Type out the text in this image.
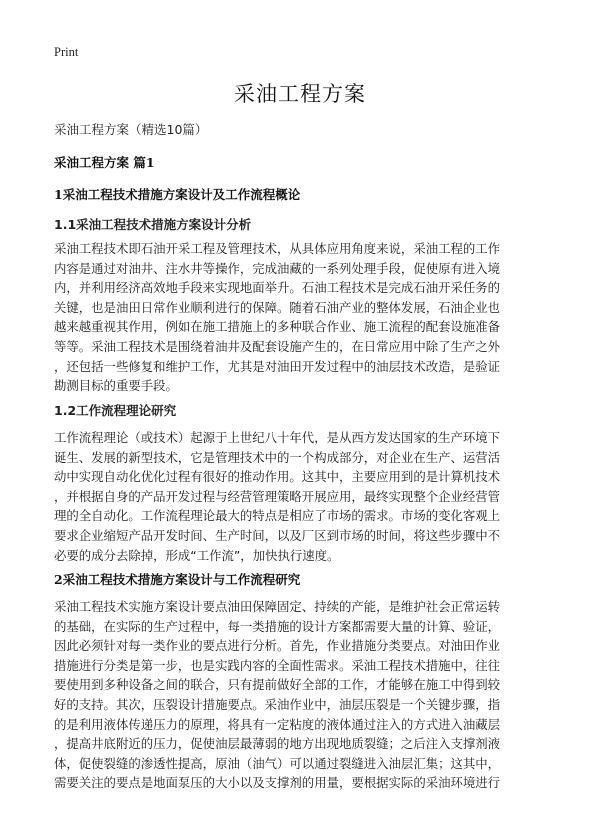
Print
采油工程方案
采油工程方案（精选10篇）
采油工程方案 篇1
1采油工程技术措施方案设计及工作流程概论
1.1采油工程技术措施方案设计分析
采油工程技术即石油开采工程及管理技术，从具体应用角度来说，采油工程的工作
内容是通过对油井、注水井等操作，完成油藏的一系列处理手段，促使原有进入境
内，并利用经济高效地手段来实现地面举升。石油工程技术是完成石油开采任务的
关键，也是油田日常作业顺利进行的保障。随着石油产业的整体发展，石油企业也
越来越重视其作用，例如在施工措施上的多种联合作业、施工流程的配套设施准备
等等。采油工程技术是围绕着油井及配套设施产生的，在日常应用中除了生产之外
，还包括一些修复和维护工作，尤其是对油田开发过程中的油层技术改造，是验证
勘测目标的重要手段。
1.2工作流程理论研究
工作流程理论（或技术）起源于上世纪八十年代，是从西方发达国家的生产环境下
诞生、发展的新型技术，它是管理技术中的一个构成部分，对企业在生产、运营活
动中实现自动化优化过程有很好的推动作用。这其中，主要应用到的是计算机技术
，并根据自身的产品开发过程与经营管理策略开展应用，最终实现整个企业经营管
理的全自动化。工作流程理论最大的特点是相应了市场的需求。市场的变化客观上
要求企业缩短产品开发时间、生产时间，以及厂区到市场的时间，将这些步骤中不
必要的成分去除掉，形成“工作流”，加快执行速度。
2采油工程技术措施方案设计与工作流程研究
采油工程技术实施方案设计要点油田保障固定、持续的产能，是维护社会正常运转
的基础，在实际的生产过程中，每一类措施的设计方案都需要大量的计算、验证，
因此必须针对每一类作业的要点进行分析。首先，作业措施分类要点。对油田作业
措施进行分类是第一步，也是实践内容的全面性需求。采油工程技术措施中，往往
要使用到多种设备之间的联合，只有提前做好全部的工作，才能够在施工中得到较
好的支持。其次，压裂设计措施要点。采油作业中，油层压裂是一个关键步骤，指
的是利用液体传递压力的原理，将具有一定粘度的液体通过注入的方式进入油藏层
，提高井底附近的压力，促使油层最薄弱的地方出现地质裂缝；之后注入支撑剂液
体，促使裂缝的渗透性提高，原油（油气）可以通过裂缝进入油层汇集；这其中，
需要关注的要点是地面泵压的大小以及支撑剂的用量，要根据实际的采油环境进行
